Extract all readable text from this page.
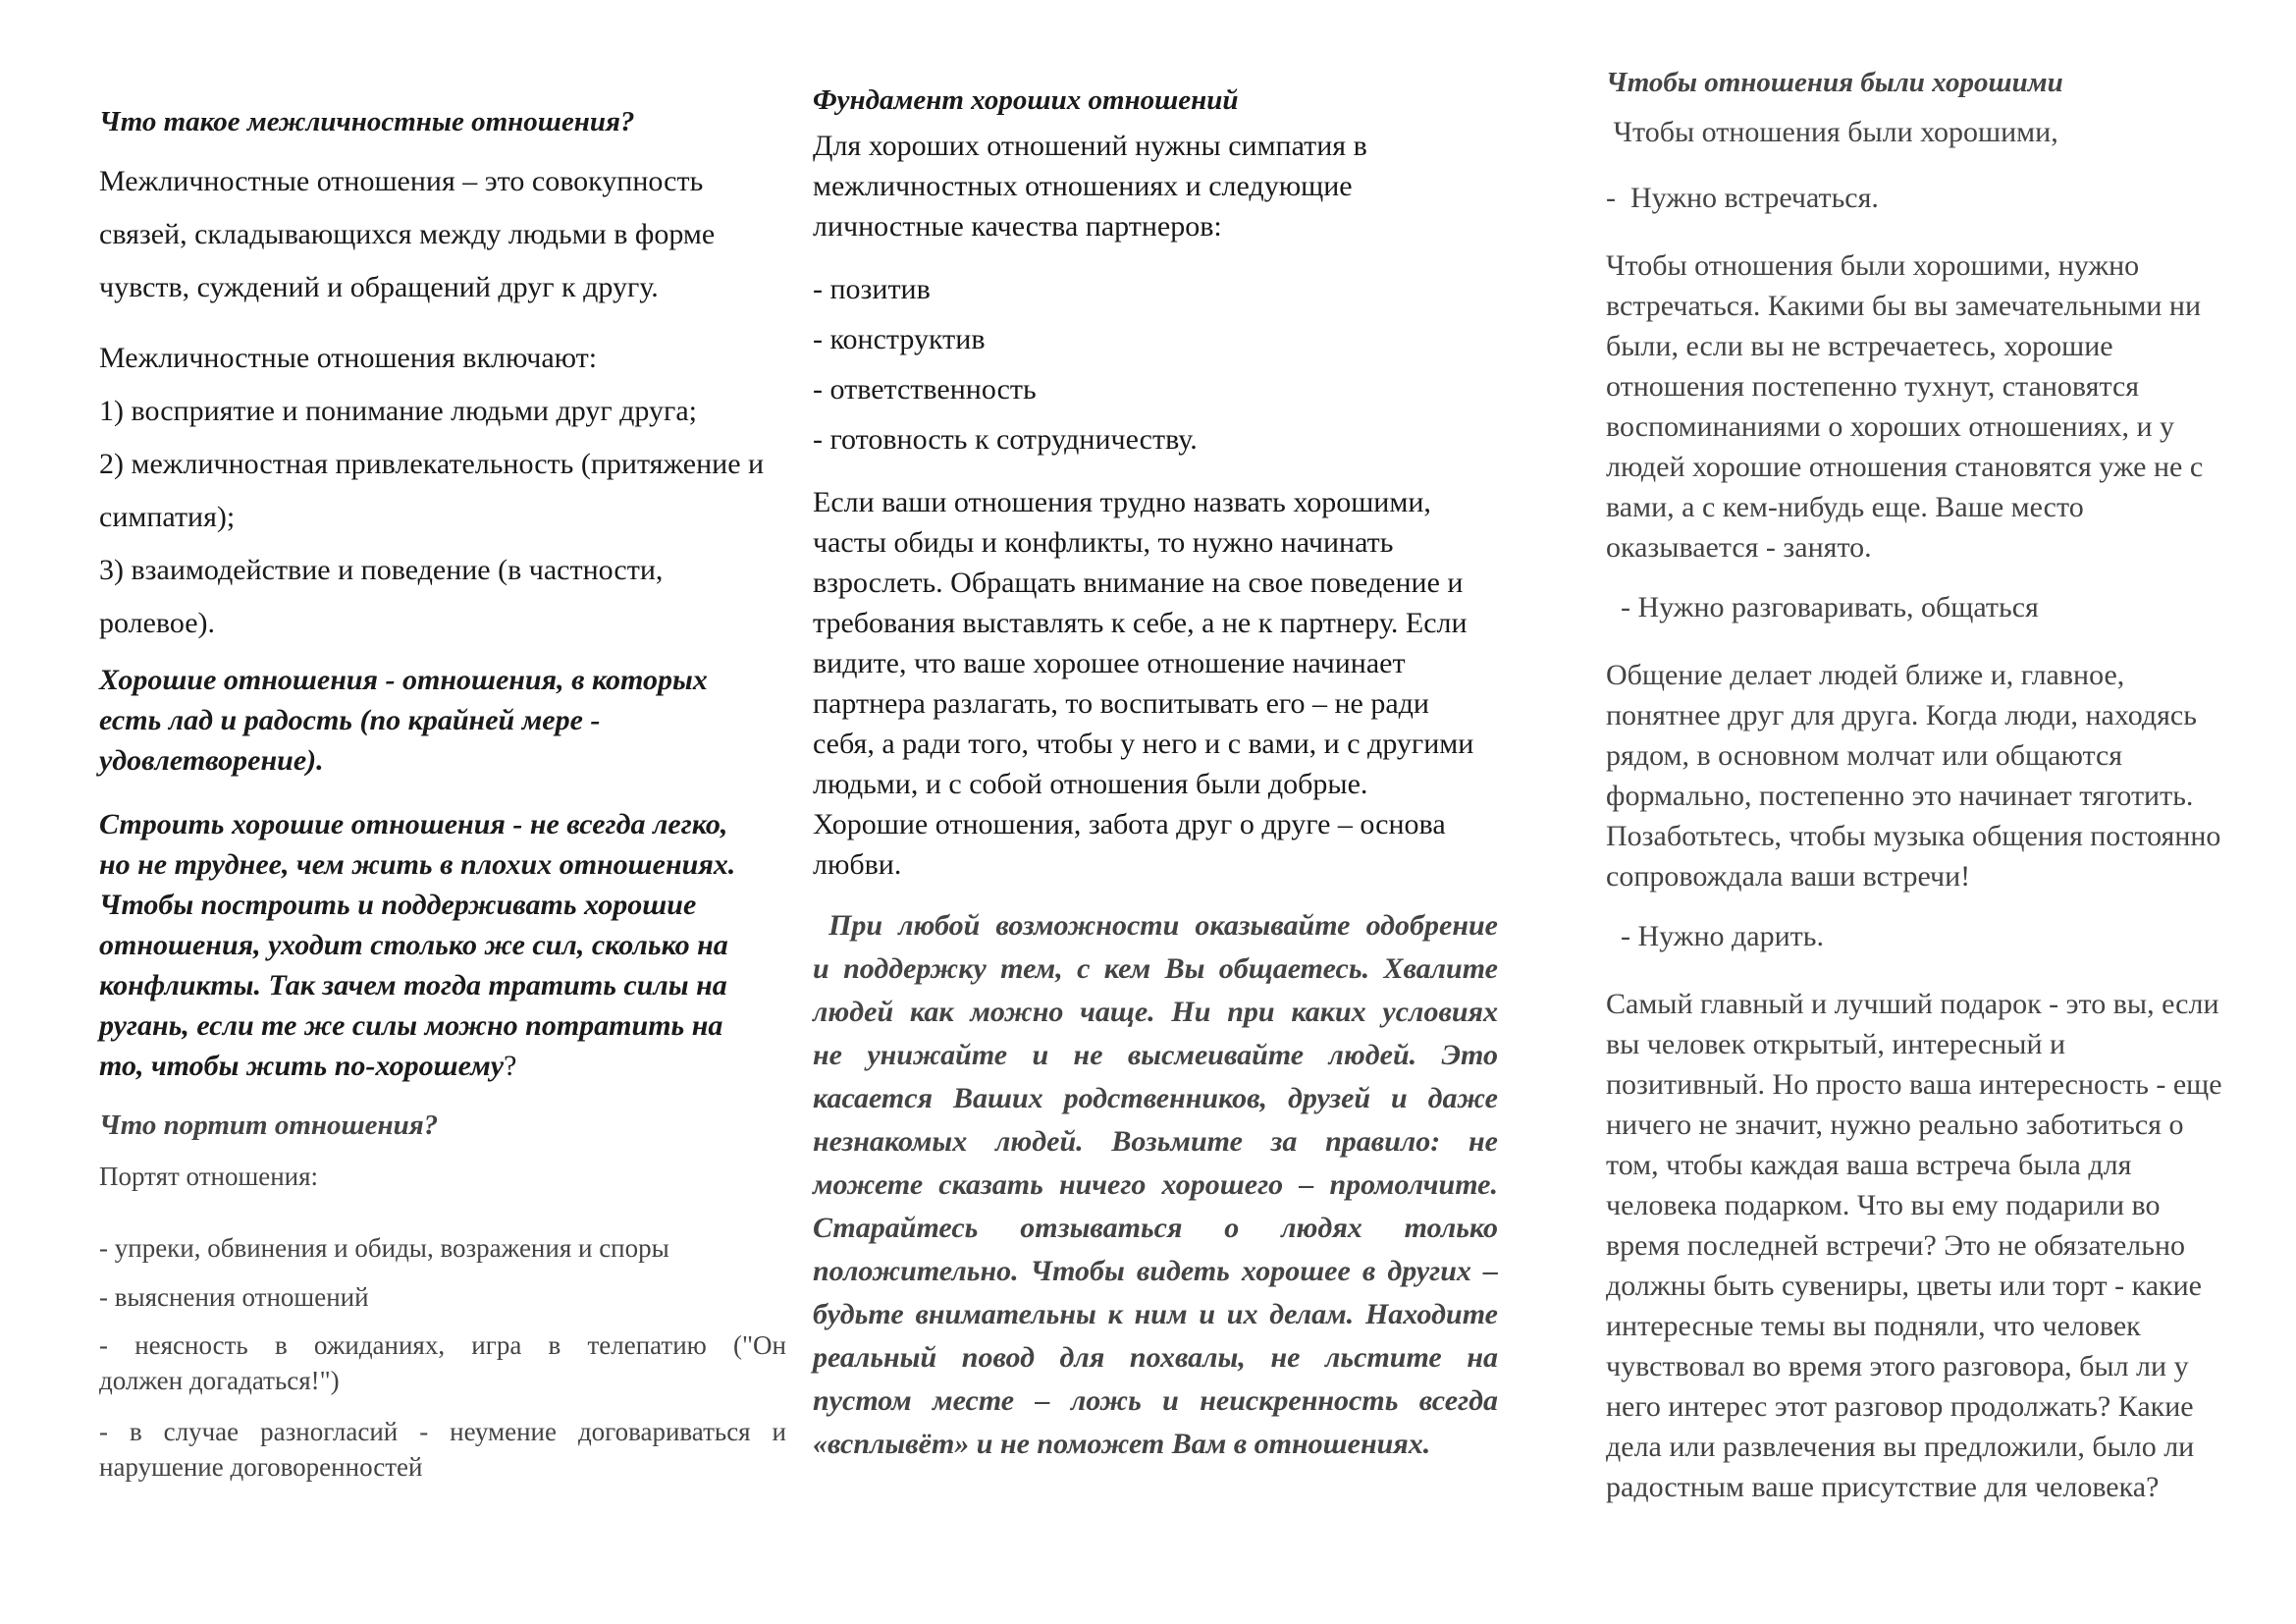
Что такое межличностные отношения?

Межличностные отношения – это совокупность

связей, складывающихся между людьми в форме

чувств, суждений и обращений друг к другу.

Межличностные отношения включают:

1) восприятие и понимание людьми друг друга;

2) межличностная привлекательность (притяжение и

симпатия);

3) взаимодействие и поведение (в частности,

ролевое).

Хорошие отношения - отношения, в которых

есть лад и радость (по крайней мере -

удовлетворение).

Строить хорошие отношения - не всегда легко,

но не труднее, чем жить в плохих отношениях.

Чтобы построить и поддерживать хорошие

отношения, уходит столько же сил, сколько на

конфликты. Так зачем тогда тратить силы на

ругань, если те же силы можно потратить на

то, чтобы жить по-хорошему?

Что портит отношения?

Портят отношения:

- упреки, обвинения и обиды, возражения и споры

- выяснения отношений

- неясность в ожиданиях, игра в телепатию ("Он

должен догадаться!")

- в случае разногласий - неумение договариваться и

нарушение договоренностей

Фундамент хороших отношений

Для хороших отношений нужны симпатия в

межличностных отношениях и следующие

личностные качества партнеров:

- позитив

- конструктив

- ответственность

- готовность к сотрудничеству.

Если ваши отношения трудно назвать хорошими,

часты обиды и конфликты, то нужно начинать

взрослеть. Обращать внимание на свое поведение и

требования выставлять к себе, а не к партнеру. Если

видите, что ваше хорошее отношение начинает

партнера разлагать, то воспитывать его – не ради

себя, а ради того, чтобы у него и с вами, и с другими

людьми, и с собой отношения были добрые.

Хорошие отношения, забота друг о друге – основа

любви.

При любой возможности оказывайте одобрение

и поддержку тем, с кем Вы общаетесь. Хвалите

людей как можно чаще. Ни при каких условиях

не унижайте и не высмеивайте людей. Это

касается Ваших родственников, друзей и даже

незнакомых людей. Возьмите за правило: не

можете сказать ничего хорошего – промолчите.

Старайтесь отзываться о людях только

положительно. Чтобы видеть хорошее в других –

будьте внимательны к ним и их делам. Находите

реальный повод для похвалы, не льстите на

пустом месте – ложь и неискренность всегда

«всплывёт» и не поможет Вам в отношениях.

Чтобы отношения были хорошими

Чтобы отношения были хорошими,

-  Нужно встречаться.

Чтобы отношения были хорошими, нужно

встречаться. Какими бы вы замечательными ни

были, если вы не встречаетесь, хорошие

отношения постепенно тухнут, становятся

воспоминаниями о хороших отношениях, и у

людей хорошие отношения становятся уже не с

вами, а с кем-нибудь еще. Ваше место

оказывается - занято.

- Нужно разговаривать, общаться

Общение делает людей ближе и, главное,

понятнее друг для друга. Когда люди, находясь

рядом, в основном молчат или общаются

формально, постепенно это начинает тяготить.

Позаботьтесь, чтобы музыка общения постоянно

сопровождала ваши встречи!

- Нужно дарить.

Самый главный и лучший подарок - это вы, если

вы человек открытый, интересный и

позитивный. Но просто ваша интересность - еще

ничего не значит, нужно реально заботиться о

том, чтобы каждая ваша встреча была для

человека подарком. Что вы ему подарили во

время последней встречи? Это не обязательно

должны быть сувениры, цветы или торт - какие

интересные темы вы подняли, что человек

чувствовал во время этого разговора, был ли у

него интерес этот разговор продолжать? Какие

дела или развлечения вы предложили, было ли

радостным ваше присутствие для человека?
